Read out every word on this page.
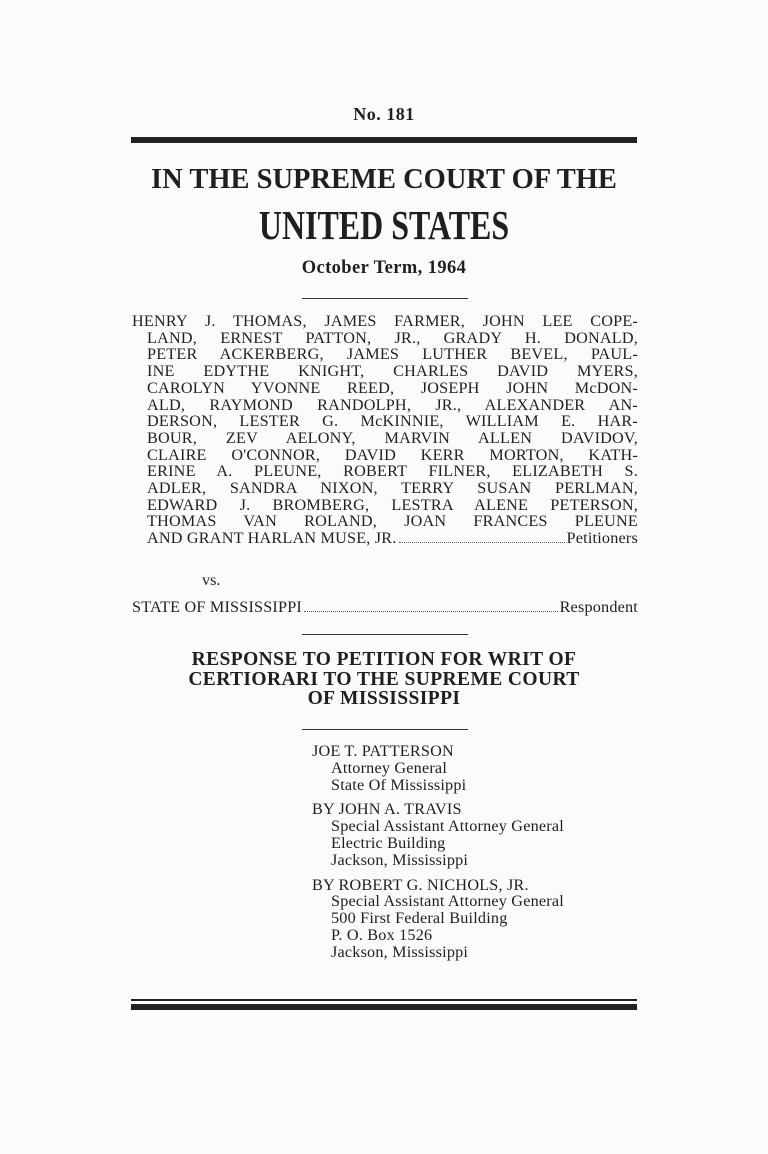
No. 181
IN THE SUPREME COURT OF THE
UNITED STATES
October Term, 1964
HENRY J. THOMAS, JAMES FARMER, JOHN LEE COPE-
LAND, ERNEST PATTON, JR., GRADY H. DONALD,
PETER ACKERBERG, JAMES LUTHER BEVEL, PAUL-
INE EDYTHE KNIGHT, CHARLES DAVID MYERS,
CAROLYN YVONNE REED, JOSEPH JOHN McDON-
ALD, RAYMOND RANDOLPH, JR., ALEXANDER AN-
DERSON, LESTER G. McKINNIE, WILLIAM E. HAR-
BOUR, ZEV AELONY, MARVIN ALLEN DAVIDOV,
CLAIRE O'CONNOR, DAVID KERR MORTON, KATH-
ERINE A. PLEUNE, ROBERT FILNER, ELIZABETH S.
ADLER, SANDRA NIXON, TERRY SUSAN PERLMAN,
EDWARD J. BROMBERG, LESTRA ALENE PETERSON,
THOMAS VAN ROLAND, JOAN FRANCES PLEUNE
AND GRANT HARLAN MUSE, JR.	Petitioners
vs.
STATE OF MISSISSIPPI	Respondent
RESPONSE TO PETITION FOR WRIT OF
CERTIORARI TO THE SUPREME COURT
OF MISSISSIPPI
JOE T. PATTERSON
Attorney General
State Of Mississippi
BY JOHN A. TRAVIS
Special Assistant Attorney General
Electric Building
Jackson, Mississippi
BY ROBERT G. NICHOLS, JR.
Special Assistant Attorney General
500 First Federal Building
P. O. Box 1526
Jackson, Mississippi
